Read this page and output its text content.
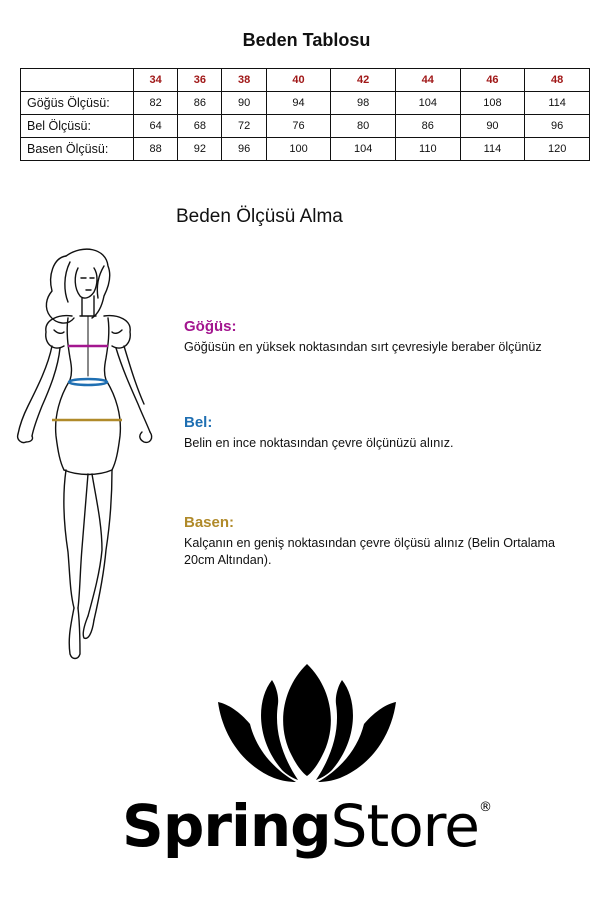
Beden Tablosu
	34	36	38	40	42	44	46	48
Göğüs Ölçüsü:	82	86	90	94	98	104	108	114
Bel Ölçüsü:	64	68	72	76	80	86	90	96
Basen Ölçüsü:	88	92	96	100	104	110	114	120
Beden Ölçüsü Alma
Göğüs:
Göğüsün en yüksek noktasından sırt çevresiyle beraber ölçünüz
Bel:
Belin en ince noktasından çevre ölçünüzü alınız.
Basen:
Kalçanın en geniş noktasından çevre ölçüsü alınız (Belin Ortalama 20cm Altından).
SpringStore®
